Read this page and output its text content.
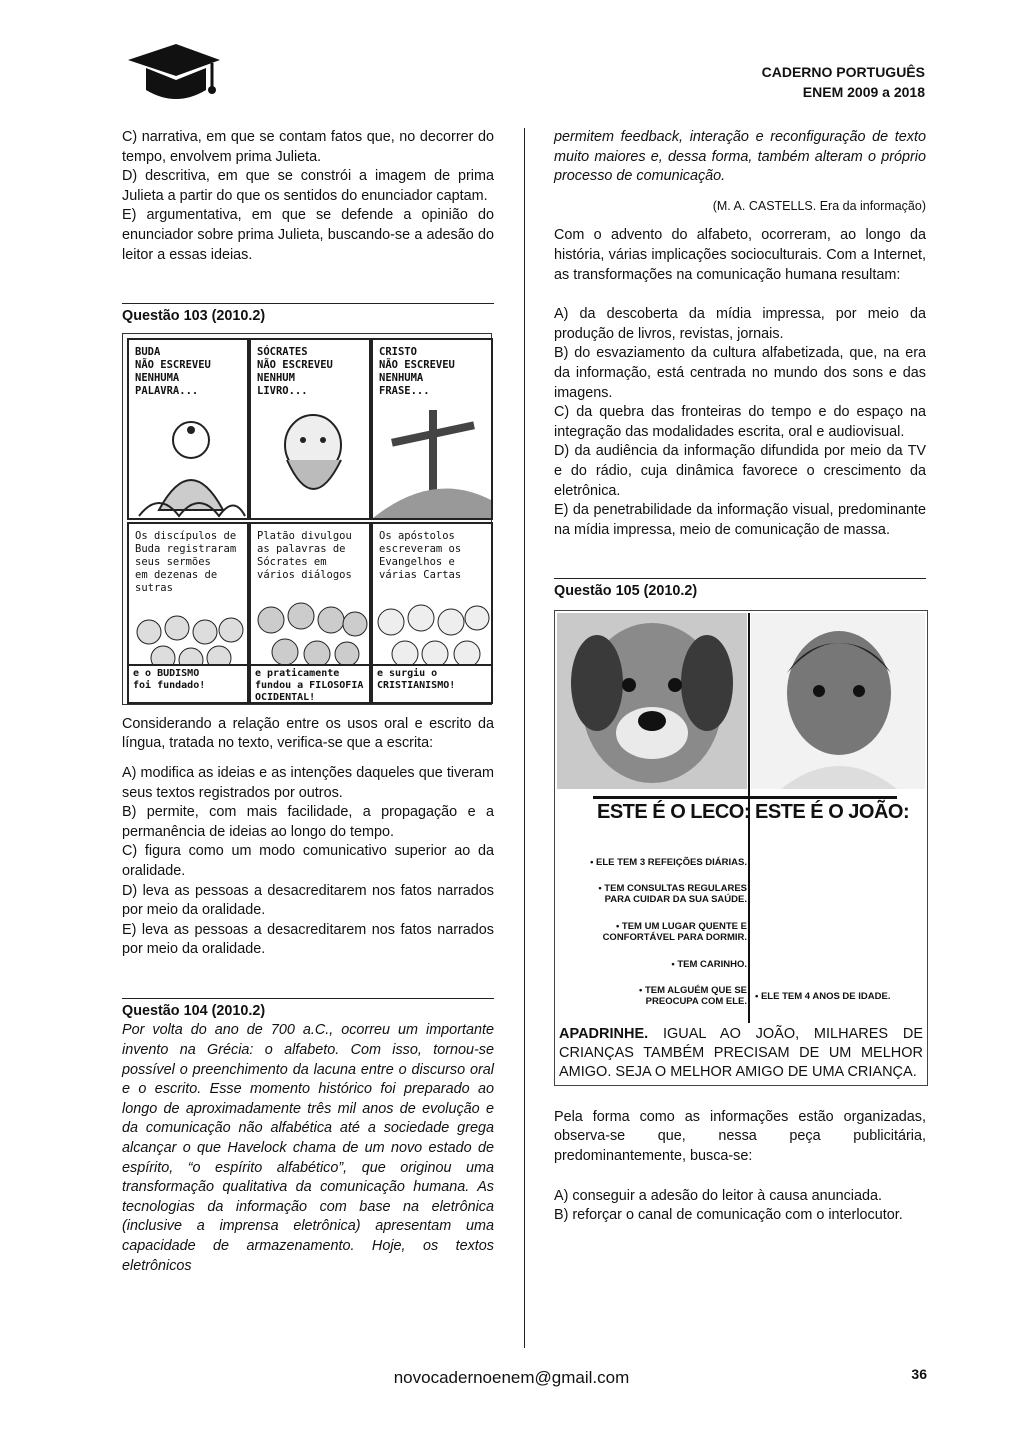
CADERNO PORTUGUÊS
ENEM 2009 a 2018
C) narrativa, em que se contam fatos que, no decorrer do tempo, envolvem prima Julieta.
D) descritiva, em que se constrói a imagem de prima Julieta a partir do que os sentidos do enunciador captam.
E) argumentativa, em que se defende a opinião do enunciador sobre prima Julieta, buscando-se a adesão do leitor a essas ideias.
Questão 103 (2010.2)
BUDA
NÃO ESCREVEU
NENHUMA
PALAVRA...
SÓCRATES
NÃO ESCREVEU
NENHUM
LIVRO...
CRISTO
NÃO ESCREVEU
NENHUMA
FRASE...
Os discípulos de
Buda registraram
seus sermões
em dezenas de
sutras
e o BUDISMO
foi fundado!
Platão divulgou
as palavras de
Sócrates em
vários diálogos
e praticamente
fundou a FILOSOFIA
OCIDENTAL!
Os apóstolos
escreveram os
Evangelhos e
várias Cartas
e surgiu o
CRISTIANISMO!
Considerando a relação entre os usos oral e escrito da língua, tratada no texto, verifica-se que a escrita:
A) modifica as ideias e as intenções daqueles que tiveram seus textos registrados por outros.
B) permite, com mais facilidade, a propagação e a permanência de ideias ao longo do tempo.
C) figura como um modo comunicativo superior ao da oralidade.
D) leva as pessoas a desacreditarem nos fatos narrados por meio da oralidade.
E) leva as pessoas a desacreditarem nos fatos narrados por meio da oralidade.
Questão 104 (2010.2)
Por volta do ano de 700 a.C., ocorreu um importante invento na Grécia: o alfabeto. Com isso, tornou-se possível o preenchimento da lacuna entre o discurso oral e o escrito. Esse momento histórico foi preparado ao longo de aproximadamente três mil anos de evolução e da comunicação não alfabética até a sociedade grega alcançar o que Havelock chama de um novo estado de espírito, “o espírito alfabético”, que originou uma transformação qualitativa da comunicação humana. As tecnologias da informação com base na eletrônica (inclusive a imprensa eletrônica) apresentam uma capacidade de armazenamento. Hoje, os textos eletrônicos
permitem feedback, interação e reconfiguração de texto muito maiores e, dessa forma, também alteram o próprio processo de comunicação.
(M. A. CASTELLS. Era da informação)
Com o advento do alfabeto, ocorreram, ao longo da história, várias implicações socioculturais. Com a Internet, as transformações na comunicação humana resultam:
A) da descoberta da mídia impressa, por meio da produção de livros, revistas, jornais.
B) do esvaziamento da cultura alfabetizada, que, na era da informação, está centrada no mundo dos sons e das imagens.
C) da quebra das fronteiras do tempo e do espaço na integração das modalidades escrita, oral e audiovisual.
D) da audiência da informação difundida por meio da TV e do rádio, cuja dinâmica favorece o crescimento da eletrônica.
E) da penetrabilidade da informação visual, predominante na mídia impressa, meio de comunicação de massa.
Questão 105 (2010.2)
ESTE É O LECO: ESTE É O JOÃO:
• ELE TEM 3 REFEIÇÕES DIÁRIAS.
• TEM CONSULTAS REGULARES
PARA CUIDAR DA SUA SAÚDE.
• TEM UM LUGAR QUENTE E
CONFORTÁVEL PARA DORMIR.
• TEM CARINHO.
• TEM ALGUÉM QUE SE
PREOCUPA COM ELE. • ELE TEM 4 ANOS DE IDADE.
APADRINHE. IGUAL AO JOÃO, MILHARES DE CRIANÇAS TAMBÉM PRECISAM DE UM MELHOR AMIGO. SEJA O MELHOR AMIGO DE UMA CRIANÇA.
Pela forma como as informações estão organizadas, observa-se que, nessa peça publicitária, predominantemente, busca-se:
A) conseguir a adesão do leitor à causa anunciada.
B) reforçar o canal de comunicação com o interlocutor.
novocadernoenem@gmail.com	36
